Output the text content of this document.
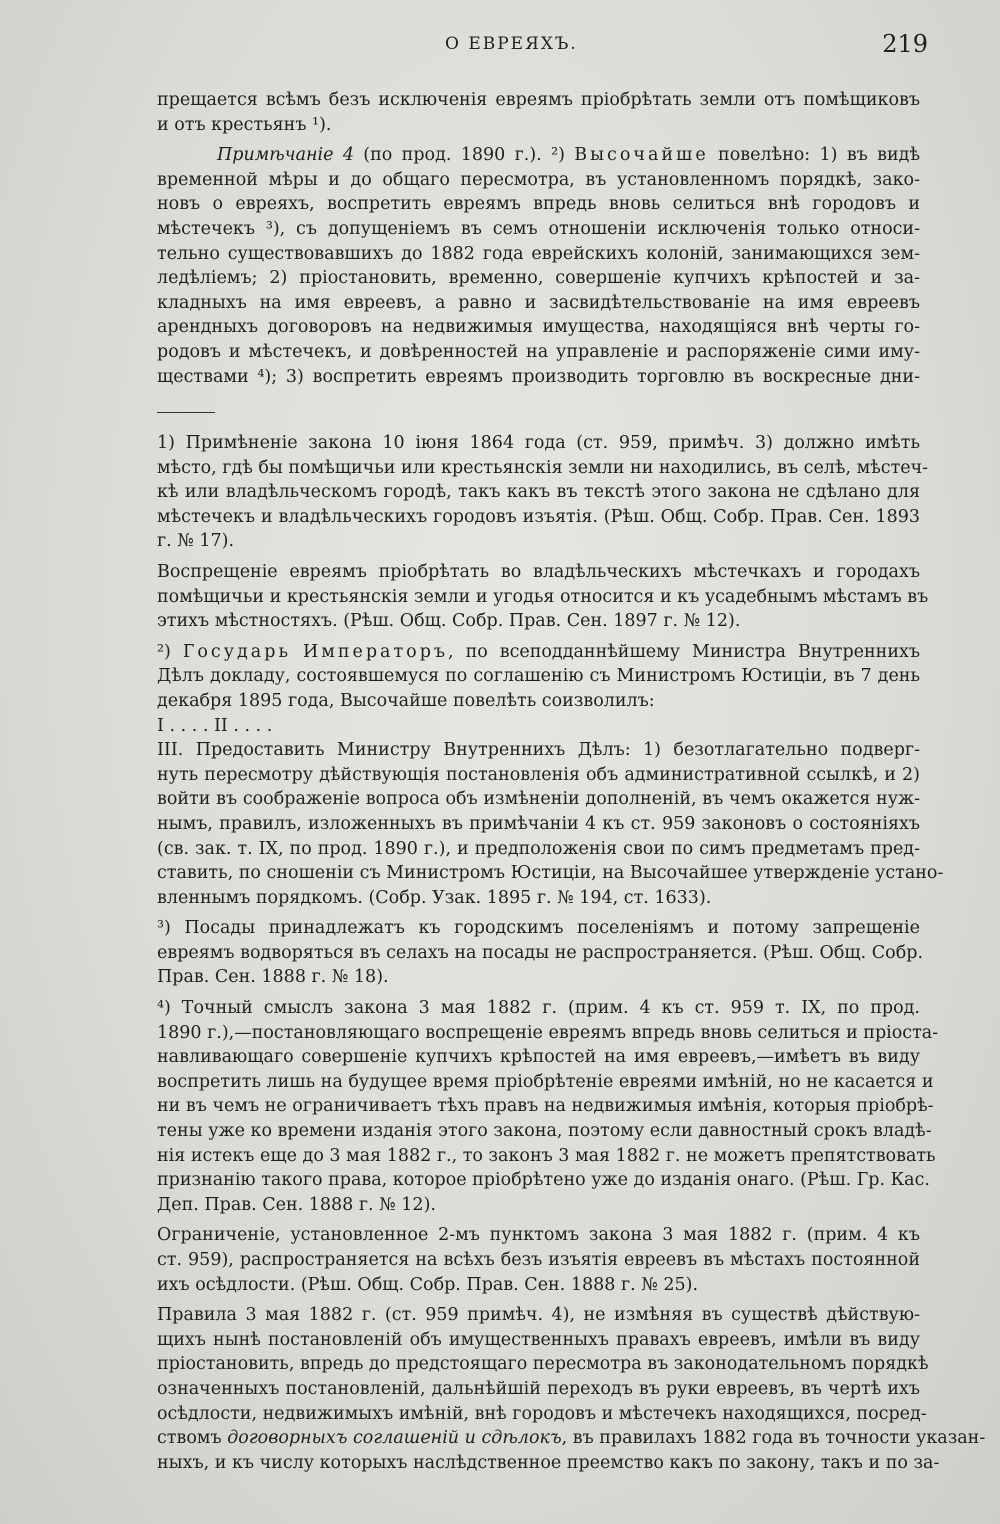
О ЕВРЕЯХЪ.	219

прещается всѣмъ безъ исключенія евреямъ пріобрѣтать земли отъ помѣщиковъ
и отъ крестьянъ ¹).

Примѣчаніе 4 (по прод. 1890 г.). ²) Высочайше повелѣно: 1) въ видѣ
временной мѣры и до общаго пересмотра, въ установленномъ порядкѣ, зако-
новъ о евреяхъ, воспретить евреямъ впредь вновь селиться внѣ городовъ и
мѣстечекъ ³), съ допущеніемъ въ семъ отношеніи исключенія только относи-
тельно существовавшихъ до 1882 года еврейскихъ колоній, занимающихся зем-
ледѣліемъ; 2) пріостановить, временно, совершеніе купчихъ крѣпостей и за-
кладныхъ на имя евреевъ, а равно и засвидѣтельствованіе на имя евреевъ
арендныхъ договоровъ на недвижимыя имущества, находящіяся внѣ черты го-
родовъ и мѣстечекъ, и довѣренностей на управленіе и распоряженіе сими иму-
ществами ⁴); 3) воспретить евреямъ производить торговлю въ воскресные дни-

1) Примѣненіе закона 10 іюня 1864 года (ст. 959, примѣч. 3) должно имѣть
мѣсто, гдѣ бы помѣщичьи или крестьянскія земли ни находились, въ селѣ, мѣстеч-
кѣ или владѣльческомъ городѣ, такъ какъ въ текстѣ этого закона не сдѣлано для
мѣстечекъ и владѣльческихъ городовъ изъятія. (Рѣш. Общ. Собр. Прав. Сен. 1893
г. № 17).

Воспрещеніе евреямъ пріобрѣтать во владѣльческихъ мѣстечкахъ и городахъ
помѣщичьи и крестьянскія земли и угодья относится и къ усадебнымъ мѣстамъ въ
этихъ мѣстностяхъ. (Рѣш. Общ. Собр. Прав. Сен. 1897 г. № 12).

²) Государь Императоръ, по всеподданнѣйшему Министра Внутреннихъ
Дѣлъ докладу, состоявшемуся по соглашенію съ Министромъ Юстиціи, въ 7 день
декабря 1895 года, Высочайше повелѣть соизволилъ:
I . . . . II . . . .
III. Предоставить Министру Внутреннихъ Дѣлъ: 1) безотлагательно подверг-
нуть пересмотру дѣйствующія постановленія объ административной ссылкѣ, и 2)
войти въ соображеніе вопроса объ измѣненіи дополненій, въ чемъ окажется нуж-
нымъ, правилъ, изложенныхъ въ примѣчаніи 4 къ ст. 959 законовъ о состояніяхъ
(св. зак. т. IX, по прод. 1890 г.), и предположенія свои по симъ предметамъ пред-
ставить, по сношеніи съ Министромъ Юстиціи, на Высочайшее утвержденіе устано-
вленнымъ порядкомъ. (Собр. Узак. 1895 г. № 194, ст. 1633).

³) Посады принадлежатъ къ городскимъ поселеніямъ и потому запрещеніе
евреямъ водворяться въ селахъ на посады не распространяется. (Рѣш. Общ. Собр.
Прав. Сен. 1888 г. № 18).

⁴) Точный смыслъ закона 3 мая 1882 г. (прим. 4 къ ст. 959 т. IX, по прод.
1890 г.),—постановляющаго воспрещеніе евреямъ впредь вновь селиться и пріоста-
навливающаго совершеніе купчихъ крѣпостей на имя евреевъ,—имѣетъ въ виду
воспретить лишь на будущее время пріобрѣтеніе евреями имѣній, но не касается и
ни въ чемъ не ограничиваетъ тѣхъ правъ на недвижимыя имѣнія, которыя пріобрѣ-
тены уже ко времени изданія этого закона, поэтому если давностный срокъ владѣ-
нія истекъ еще до 3 мая 1882 г., то законъ 3 мая 1882 г. не можетъ препятствовать
признанію такого права, которое пріобрѣтено уже до изданія онаго. (Рѣш. Гр. Кас.
Деп. Прав. Сен. 1888 г. № 12).

Ограниченіе, установленное 2-мъ пунктомъ закона 3 мая 1882 г. (прим. 4 къ
ст. 959), распространяется на всѣхъ безъ изъятія евреевъ въ мѣстахъ постоянной
ихъ осѣдлости. (Рѣш. Общ. Собр. Прав. Сен. 1888 г. № 25).

Правила 3 мая 1882 г. (ст. 959 примѣч. 4), не измѣняя въ существѣ дѣйствую-
щихъ нынѣ постановленій объ имущественныхъ правахъ евреевъ, имѣли въ виду
пріостановить, впредь до предстоящаго пересмотра въ законодательномъ порядкѣ
означенныхъ постановленій, дальнѣйшій переходъ въ руки евреевъ, въ чертѣ ихъ
осѣдлости, недвижимыхъ имѣній, внѣ городовъ и мѣстечекъ находящихся, посред-
ствомъ договорныхъ соглашеній и сдѣлокъ, въ правилахъ 1882 года въ точности указан-
ныхъ, и къ числу которыхъ наслѣдственное преемство какъ по закону, такъ и по за-
